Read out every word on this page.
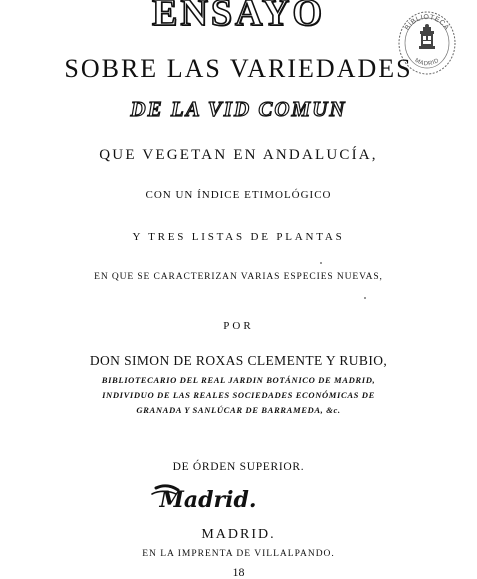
ENSAYO	BIBLIOTECA
MADRID
SOBRE LAS VARIEDADES
DE LA VID COMUN
QUE VEGETAN EN ANDALUCÍA,
CON UN ÍNDICE ETIMOLÓGICO
Y TRES LISTAS DE PLANTAS
EN QUE SE CARACTERIZAN VARIAS ESPECIES NUEVAS,
POR
DON SIMON DE ROXAS CLEMENTE Y RUBIO,
BIBLIOTECARIO DEL REAL JARDIN BOTÁNICO DE MADRID,
INDIVIDUO DE LAS REALES SOCIEDADES ECONÓMICAS DE
GRANADA Y SANLÚCAR DE BARRAMEDA, &c.
DE ÓRDEN SUPERIOR.
Madrid.
MADRID.
EN LA IMPRENTA DE VILLALPANDO.
18
